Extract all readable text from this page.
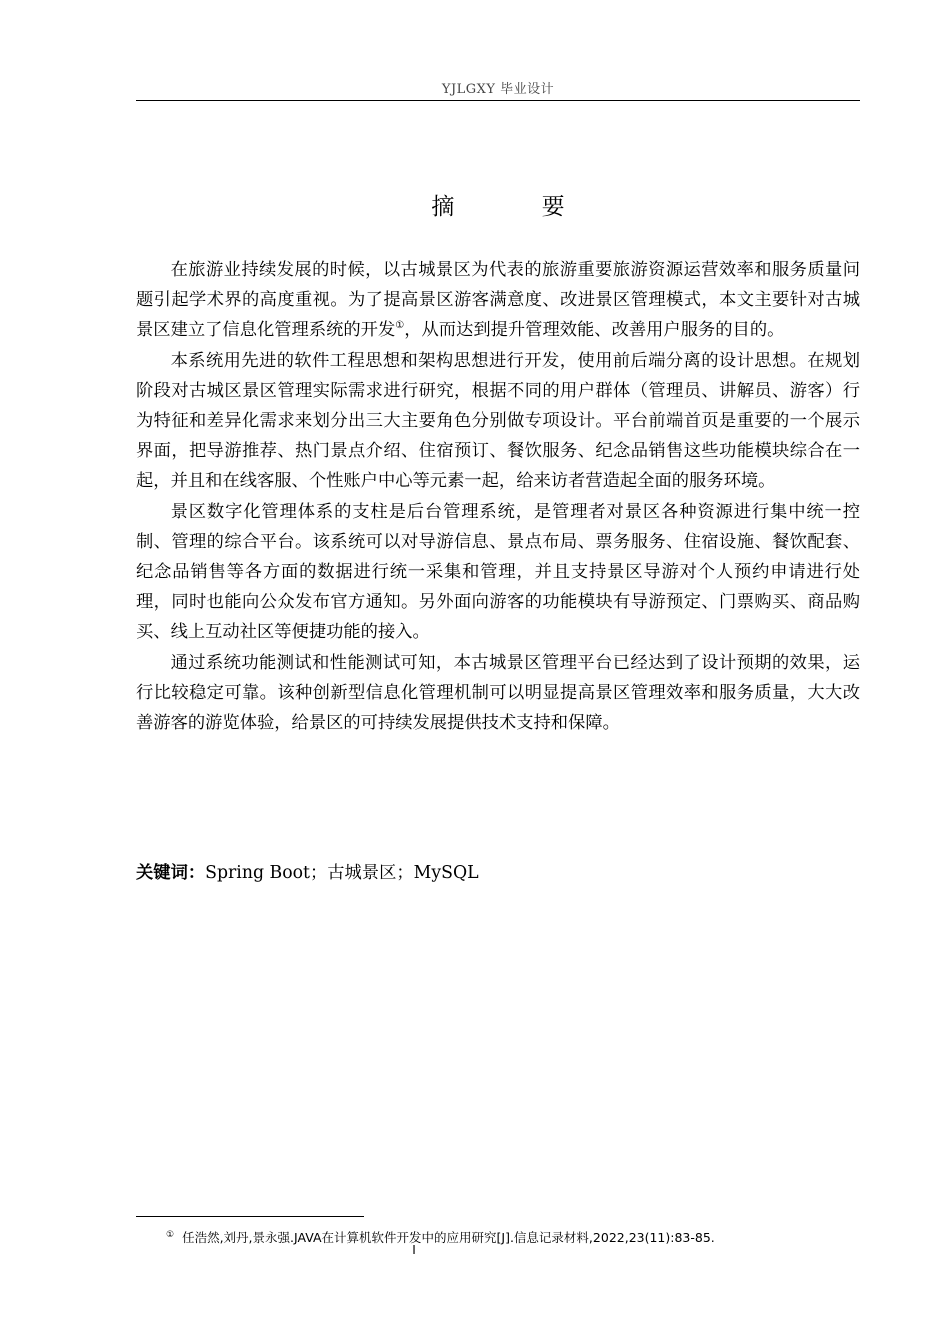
YJLGXY 毕业设计
摘 要

在旅游业持续发展的时候，以古城景区为代表的旅游重要旅游资源运营效率和服务质量问题引起学术界的高度重视。为了提高景区游客满意度、改进景区管理模式，本文主要针对古城景区建立了信息化管理系统的开发①，从而达到提升管理效能、改善用户服务的目的。

本系统用先进的软件工程思想和架构思想进行开发，使用前后端分离的设计思想。在规划阶段对古城区景区管理实际需求进行研究，根据不同的用户群体（管理员、讲解员、游客）行为特征和差异化需求来划分出三大主要角色分别做专项设计。平台前端首页是重要的一个展示界面，把导游推荐、热门景点介绍、住宿预订、餐饮服务、纪念品销售这些功能模块综合在一起，并且和在线客服、个性账户中心等元素一起，给来访者营造起全面的服务环境。

景区数字化管理体系的支柱是后台管理系统，是管理者对景区各种资源进行集中统一控制、管理的综合平台。该系统可以对导游信息、景点布局、票务服务、住宿设施、餐饮配套、纪念品销售等各方面的数据进行统一采集和管理，并且支持景区导游对个人预约申请进行处理，同时也能向公众发布官方通知。另外面向游客的功能模块有导游预定、门票购买、商品购买、线上互动社区等便捷功能的接入。

通过系统功能测试和性能测试可知，本古城景区管理平台已经达到了设计预期的效果，运行比较稳定可靠。该种创新型信息化管理机制可以明显提高景区管理效率和服务质量，大大改善游客的游览体验，给景区的可持续发展提供技术支持和保障。

关键词：Spring Boot；古城景区；MySQL
① 任浩然,刘丹,景永强.JAVA在计算机软件开发中的应用研究[J].信息记录材料,2022,23(11):83-85.
I
